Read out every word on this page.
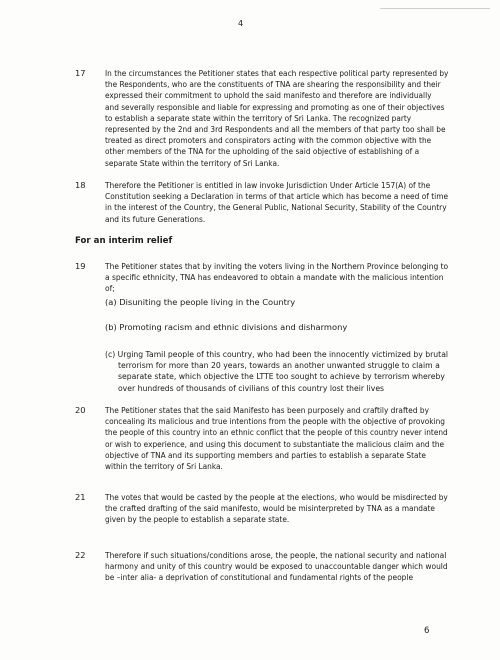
4
17 In the circumstances the Petitioner states that each respective political party represented by
the Respondents, who are the constituents of TNA are shearing the responsibility and their
expressed their commitment to uphold the said manifesto and therefore are individually
and severally responsible and liable for expressing and promoting as one of their objectives
to establish a separate state within the territory of Sri Lanka. The recognized party
represented by the 2nd and 3rd Respondents and all the members of that party too shall be
treated as direct promoters and conspirators acting with the common objective with the
other members of the TNA for the upholding of the said objective of establishing of a
separate State within the territory of Sri Lanka.
18 Therefore the Petitioner is entitled in law invoke Jurisdiction Under Article 157(A) of the
Constitution seeking a Declaration in terms of that article which has become a need of time
in the interest of the Country, the General Public, National Security, Stability of the Country
and its future Generations.
For an interim relief
19 The Petitioner states that by inviting the voters living in the Northern Province belonging to
a specific ethnicity, TNA has endeavored to obtain a mandate with the malicious intention
of;
(a) Disuniting the people living in the Country
(b) Promoting racism and ethnic divisions and disharmony
(c) Urging Tamil people of this country, who had been the innocently victimized by brutal
terrorism for more than 20 years, towards an another unwanted struggle to claim a
separate state, which objective the LTTE too sought to achieve by terrorism whereby
over hundreds of thousands of civilians of this country lost their lives
20 The Petitioner states that the said Manifesto has been purposely and craftily drafted by
concealing its malicious and true intentions from the people with the objective of provoking
the people of this country into an ethnic conflict that the people of this country never intend
or wish to experience, and using this document to substantiate the malicious claim and the
objective of TNA and its supporting members and parties to establish a separate State
within the territory of Sri Lanka.
21 The votes that would be casted by the people at the elections, who would be misdirected by
the crafted drafting of the said manifesto, would be misinterpreted by TNA as a mandate
given by the people to establish a separate state.
22 Therefore if such situations/conditions arose, the people, the national security and national
harmony and unity of this country would be exposed to unaccountable danger which would
be –inter alia- a deprivation of constitutional and fundamental rights of the people
6
